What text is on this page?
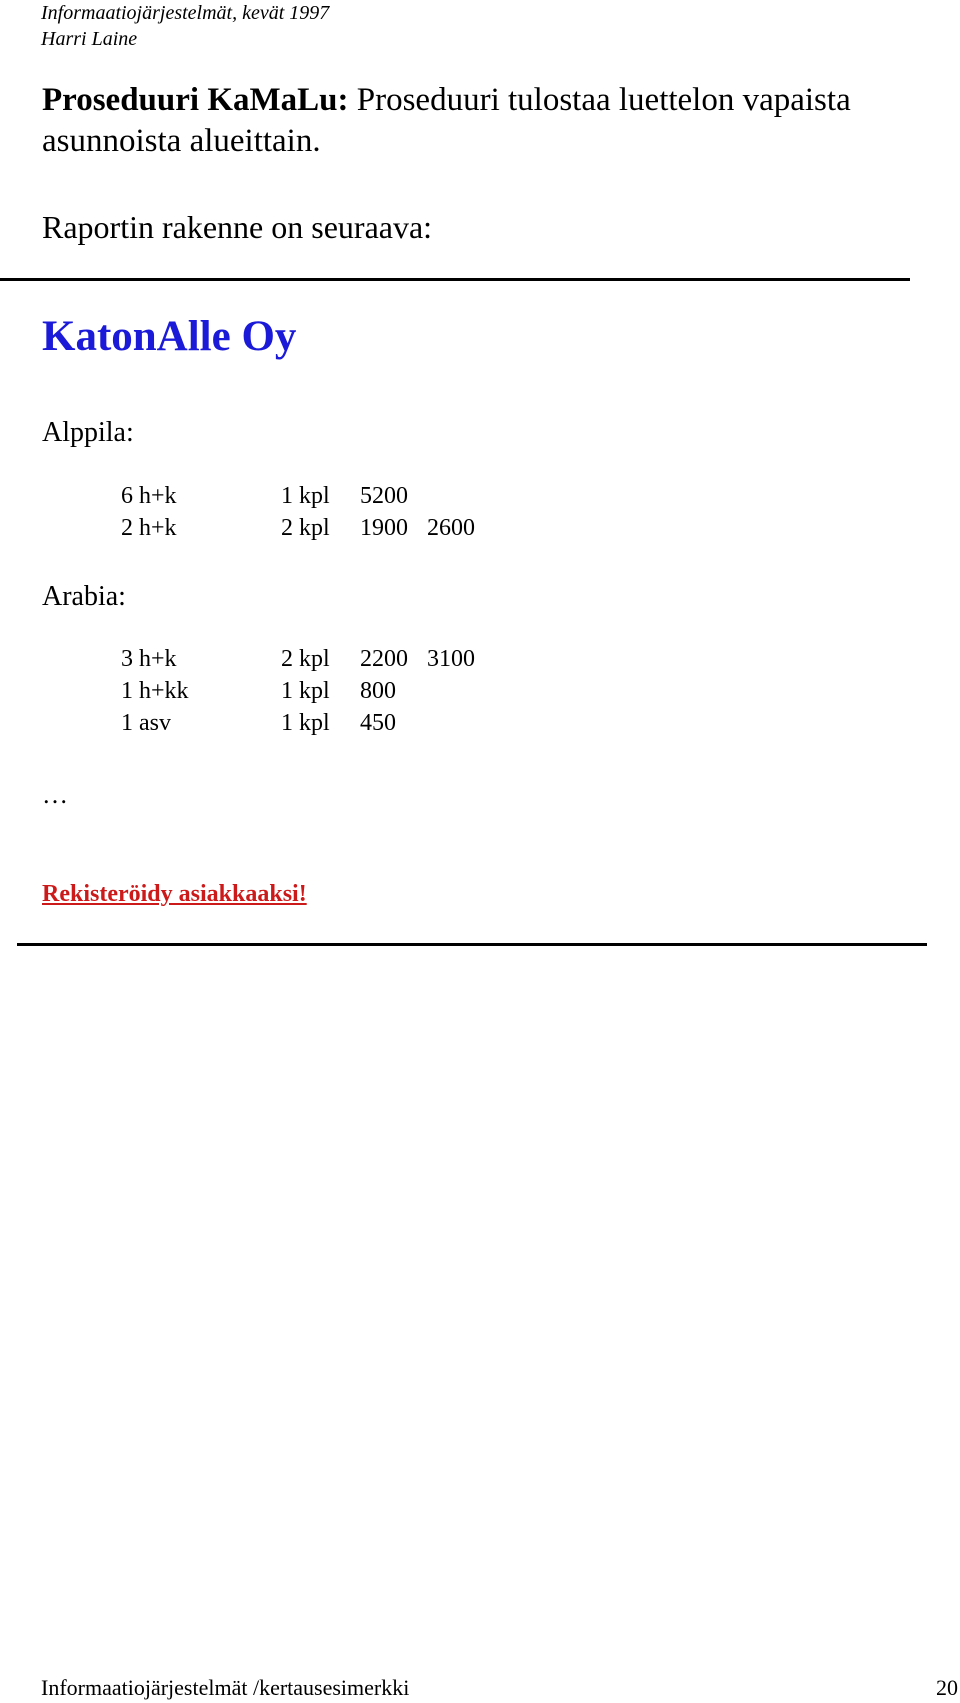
Informaatiojärjestelmät, kevät 1997
Harri Laine
Proseduuri KaMaLu: Proseduuri tulostaa luettelon vapaista asunnoista alueittain.
Raportin rakenne on seuraava:
KatonAlle Oy
Alppila:
6 h+k	1 kpl 5200
2 h+k	2 kpl 1900 2600
Arabia:
3 h+k	2 kpl 2200 3100
1 h+kk	1 kpl 800
1 asv	1 kpl 450
…
Rekisteröidy asiakkaaksi!
Informaatiojärjestelmät /kertausesimerkki	20
